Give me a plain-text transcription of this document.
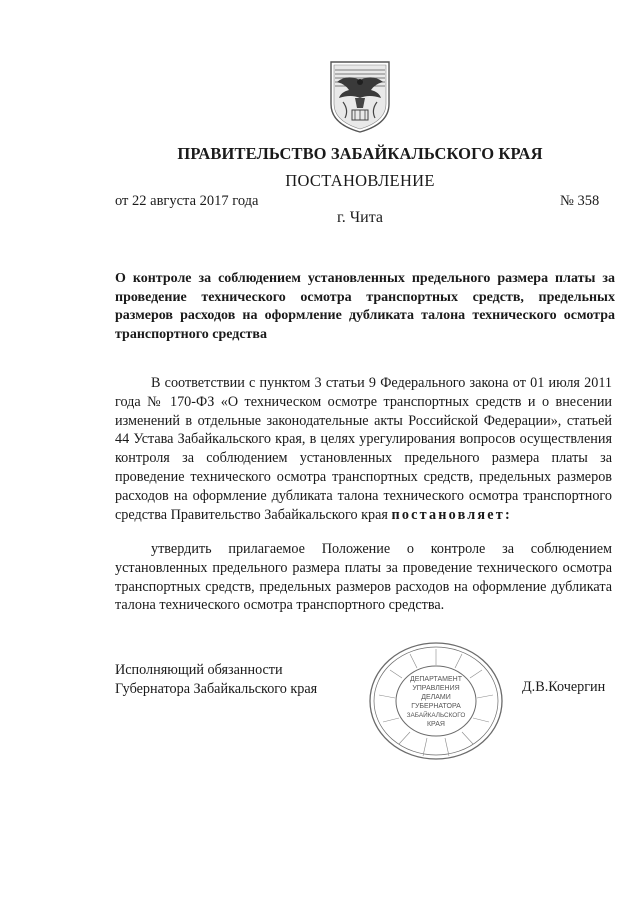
ПРАВИТЕЛЬСТВО ЗАБАЙКАЛЬСКОГО КРАЯ
ПОСТАНОВЛЕНИЕ
от 22 августа 2017 года	№ 358
г. Чита

О контроле за соблюдением установленных предельного размера платы за проведение технического осмотра транспортных средств, предельных размеров расходов на оформление дубликата талона технического осмотра транспортного средства

В соответствии с пунктом 3 статьи 9 Федерального закона от 01 июля 2011 года № 170-ФЗ «О техническом осмотре транспортных средств и о внесении изменений в отдельные законодательные акты Российской Федерации», статьей 44 Устава Забайкальского края, в целях урегулирования вопросов осуществления контроля за соблюдением установленных предельного размера платы за проведение технического осмотра транспортных средств, предельных размеров расходов на оформление дубликата талона технического осмотра транспортного средства Правительство Забайкальского края постановляет:

утвердить прилагаемое Положение о контроле за соблюдением установленных предельного размера платы за проведение технического осмотра транспортных средств, предельных размеров расходов на оформление дубликата талона технического осмотра транспортного средства.

Исполняющий обязанности
Губернатора Забайкальского края	Д.В.Кочергин
ДЕПАРТАМЕНТ
УПРАВЛЕНИЯ
ДЕЛАМИ
ГУБЕРНАТОРА
ЗАБАЙКАЛЬСКОГО
КРАЯ
